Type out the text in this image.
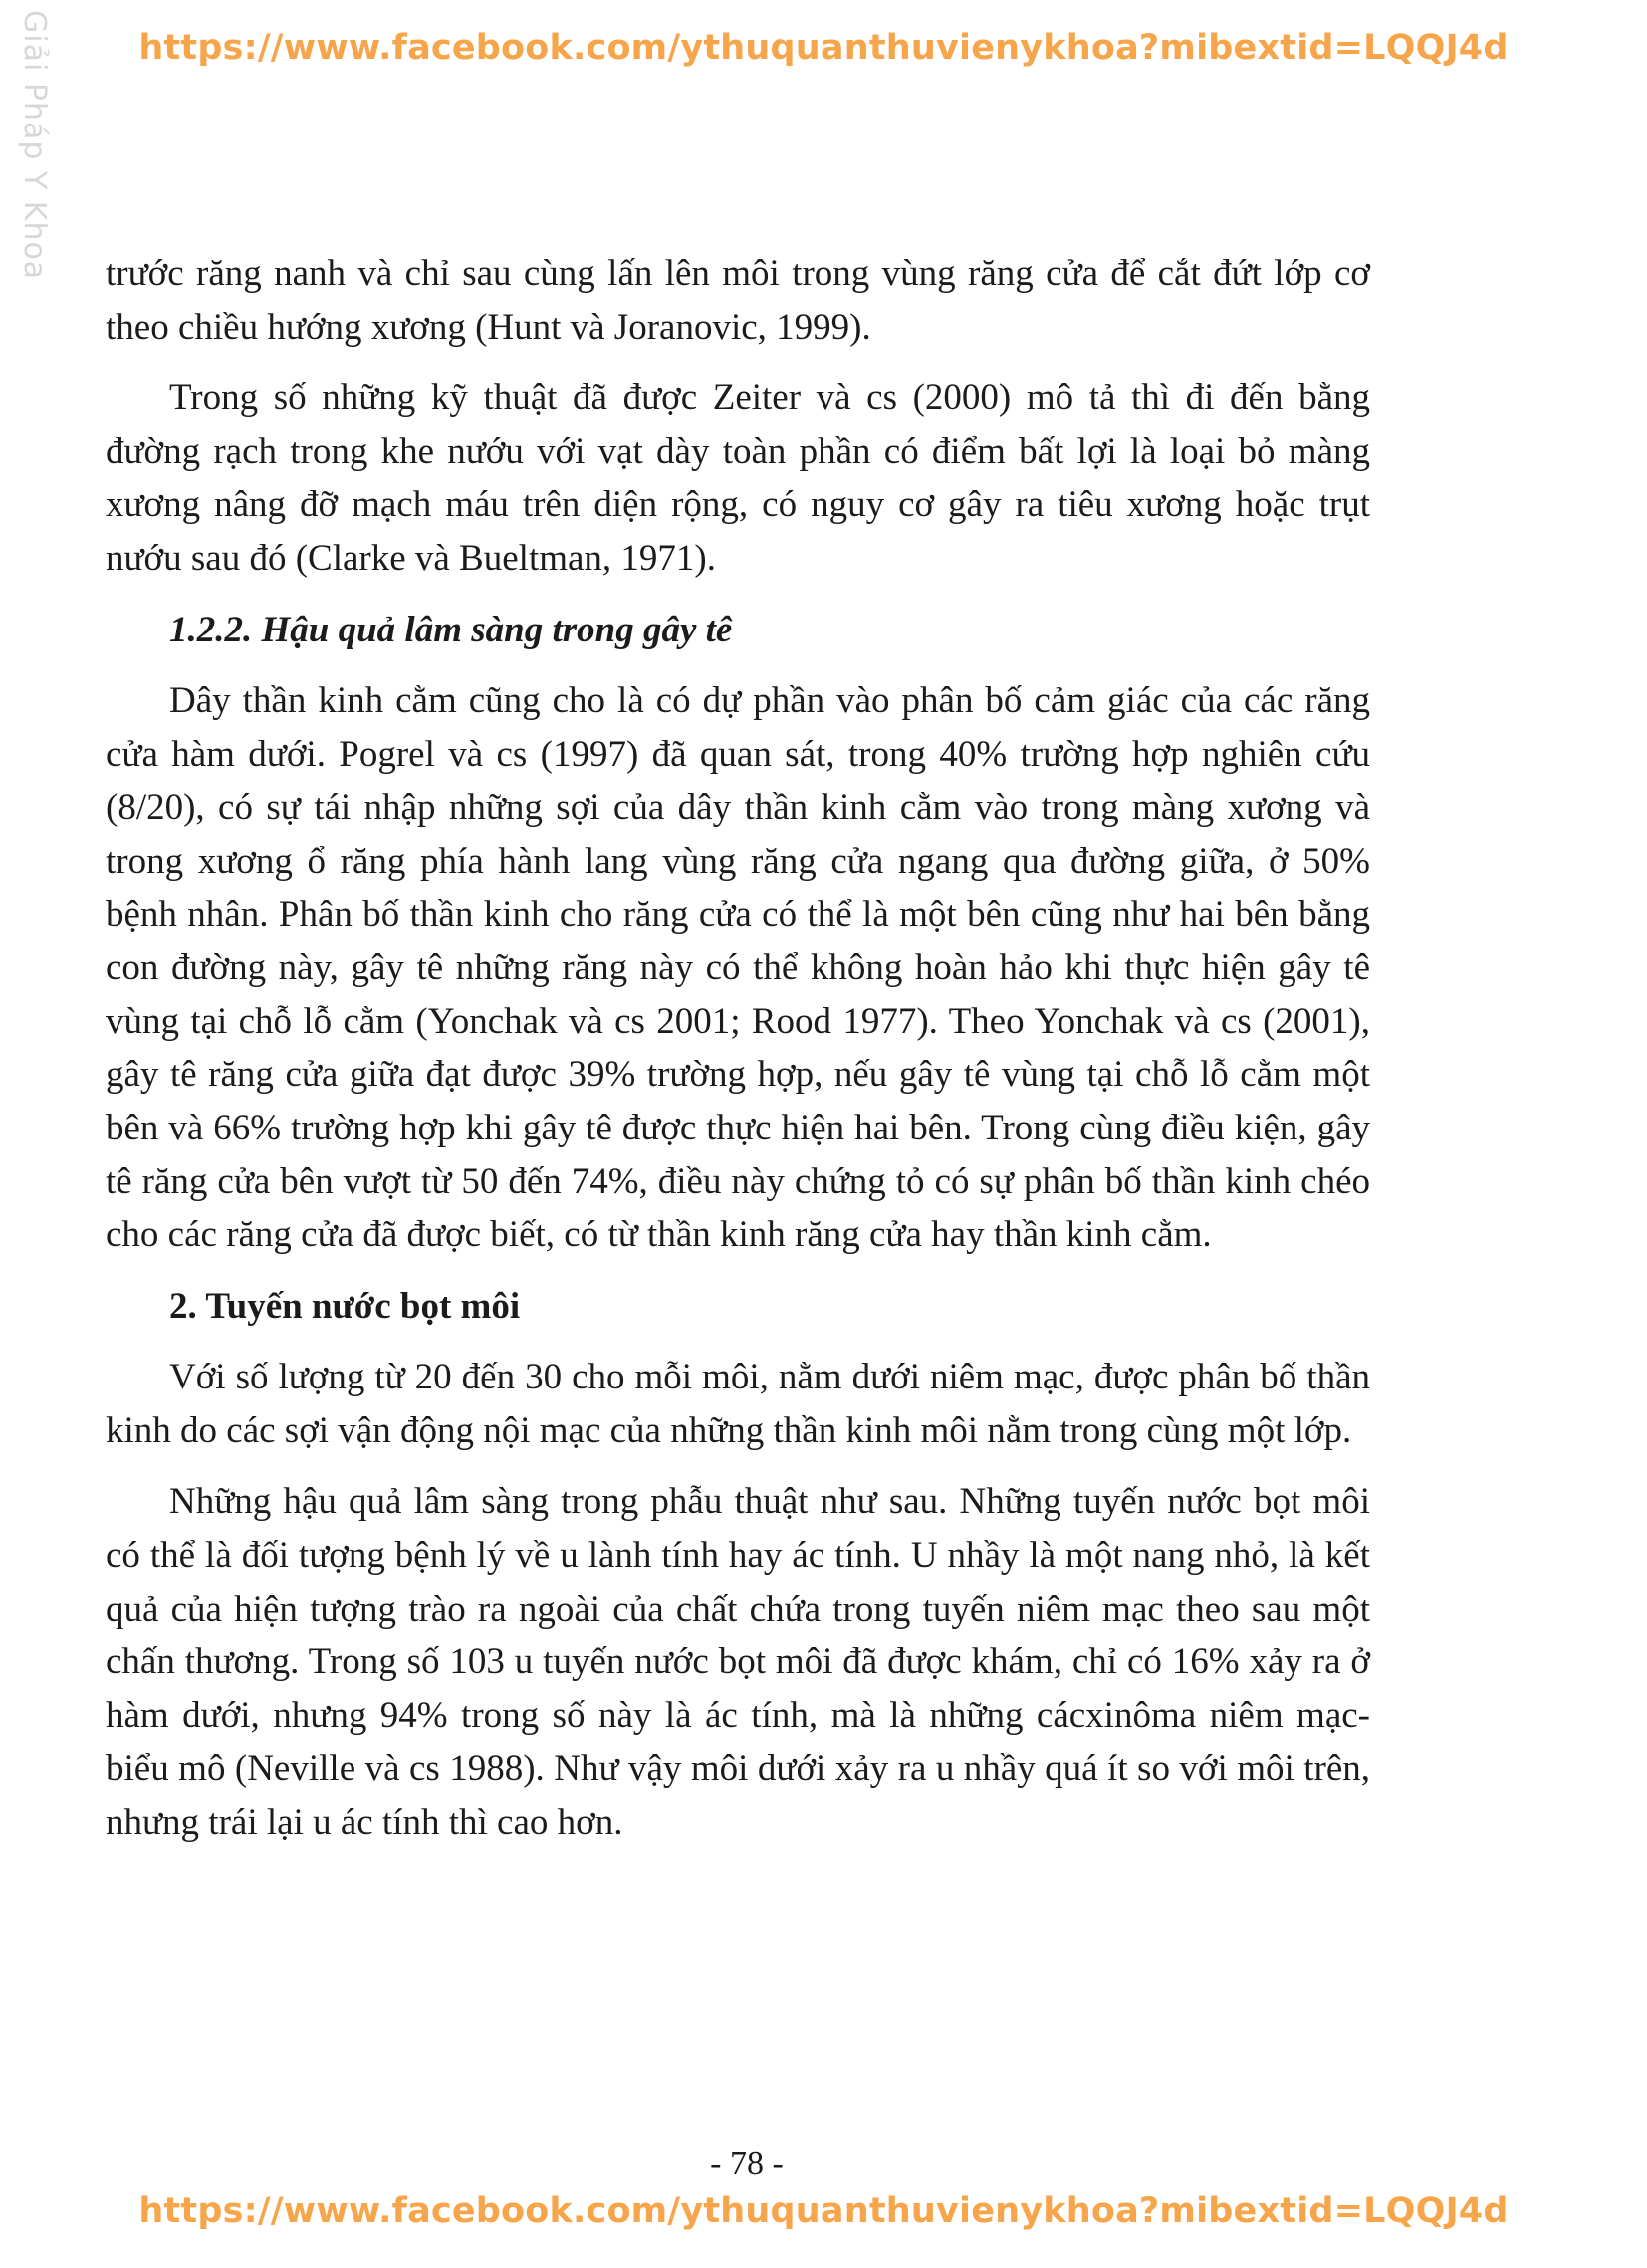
Giải Pháp Y Khoa	https://www.facebook.com/ythuquanthuvienykhoa?mibextid=LQQJ4d

trước răng nanh và chỉ sau cùng lấn lên môi trong vùng răng cửa để cắt đứt lớp cơ theo chiều hướng xương (Hunt và Joranovic, 1999).

Trong số những kỹ thuật đã được Zeiter và cs (2000) mô tả thì đi đến bằng đường rạch trong khe nướu với vạt dày toàn phần có điểm bất lợi là loại bỏ màng xương nâng đỡ mạch máu trên diện rộng, có nguy cơ gây ra tiêu xương hoặc trụt nướu sau đó (Clarke và Bueltman, 1971).

1.2.2. Hậu quả lâm sàng trong gây tê

Dây thần kinh cằm cũng cho là có dự phần vào phân bố cảm giác của các răng cửa hàm dưới. Pogrel và cs (1997) đã quan sát, trong 40% trường hợp nghiên cứu (8/20), có sự tái nhập những sợi của dây thần kinh cằm vào trong màng xương và trong xương ổ răng phía hành lang vùng răng cửa ngang qua đường giữa, ở 50% bệnh nhân. Phân bố thần kinh cho răng cửa có thể là một bên cũng như hai bên bằng con đường này, gây tê những răng này có thể không hoàn hảo khi thực hiện gây tê vùng tại chỗ lỗ cằm (Yonchak và cs 2001; Rood 1977). Theo Yonchak và cs (2001), gây tê răng cửa giữa đạt được 39% trường hợp, nếu gây tê vùng tại chỗ lỗ cằm một bên và 66% trường hợp khi gây tê được thực hiện hai bên. Trong cùng điều kiện, gây tê răng cửa bên vượt từ 50 đến 74%, điều này chứng tỏ có sự phân bố thần kinh chéo cho các răng cửa đã được biết, có từ thần kinh răng cửa hay thần kinh cằm.

2. Tuyến nước bọt môi

Với số lượng từ 20 đến 30 cho mỗi môi, nằm dưới niêm mạc, được phân bố thần kinh do các sợi vận động nội mạc của những thần kinh môi nằm trong cùng một lớp.

Những hậu quả lâm sàng trong phẫu thuật như sau. Những tuyến nước bọt môi có thể là đối tượng bệnh lý về u lành tính hay ác tính. U nhầy là một nang nhỏ, là kết quả của hiện tượng trào ra ngoài của chất chứa trong tuyến niêm mạc theo sau một chấn thương. Trong số 103 u tuyến nước bọt môi đã được khám, chỉ có 16% xảy ra ở hàm dưới, nhưng 94% trong số này là ác tính, mà là những cácxinôma niêm mạc-biểu mô (Neville và cs 1988). Như vậy môi dưới xảy ra u nhầy quá ít so với môi trên, nhưng trái lại u ác tính thì cao hơn.

- 78 -
https://www.facebook.com/ythuquanthuvienykhoa?mibextid=LQQJ4d
